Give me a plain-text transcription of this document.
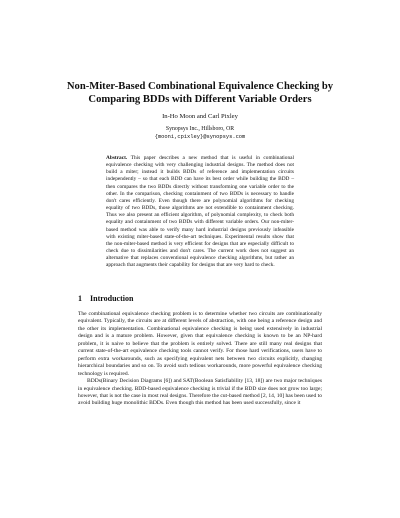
Non-Miter-Based Combinational Equivalence Checking by Comparing BDDs with Different Variable Orders
In-Ho Moon and Carl Pixley
Synopsys Inc., Hillsboro, OR
{mooni,cpixley}@synopsys.com

Abstract. This paper describes a new method that is useful in combinational equivalence checking with very challenging industrial designs. The method does not build a miter; instead it builds BDDs of reference and implementation circuits independently – so that each BDD can have its best order while building the BDD – then compares the two BDDs directly without transforming one variable order to the other. In the comparison, checking containment of two BDDs is necessary to handle don't cares efficiently. Even though there are polynomial algorithms for checking equality of two BDDs, those algorithms are not extendible to containment checking. Thus we also present an efficient algorithm, of polynomial complexity, to check both equality and containment of two BDDs with different variable orders. Our non-miter-based method was able to verify many hard industrial designs previously infeasible with existing miter-based state-of-the-art techniques. Experimental results show that the non-miter-based method is very efficient for designs that are especially difficult to check due to dissimilarities and don't cares. The current work does not suggest an alternative that replaces conventional equivalence checking algorithms, but rather an approach that augments their capability for designs that are very hard to check.

1 Introduction

The combinational equivalence checking problem is to determine whether two circuits are combinationally equivalent. Typically, the circuits are at different levels of abstraction, with one being a reference design and the other its implementation. Combinational equivalence checking is being used extensively in industrial design and is a mature problem. However, given that equivalence checking is known to be an NP-hard problem, it is naive to believe that the problem is entirely solved. There are still many real designs that current state-of-the-art equivalence checking tools cannot verify. For those hard verifications, users have to perform extra workarounds, such as specifying equivalent nets between two circuits explicitly, changing hierarchical boundaries and so on. To avoid such tedious workarounds, more powerful equivalence checking technology is required.

BDDs(Binary Decision Diagrams [6]) and SAT(Boolean Satisfiability [13, 18]) are two major techniques in equivalence checking. BDD-based equivalence checking is trivial if the BDD size does not grow too large; however, that is not the case in most real designs. Therefore the cut-based method [2, 14, 10] has been used to avoid building huge monolithic BDDs. Even though this method has been used successfully, since it
